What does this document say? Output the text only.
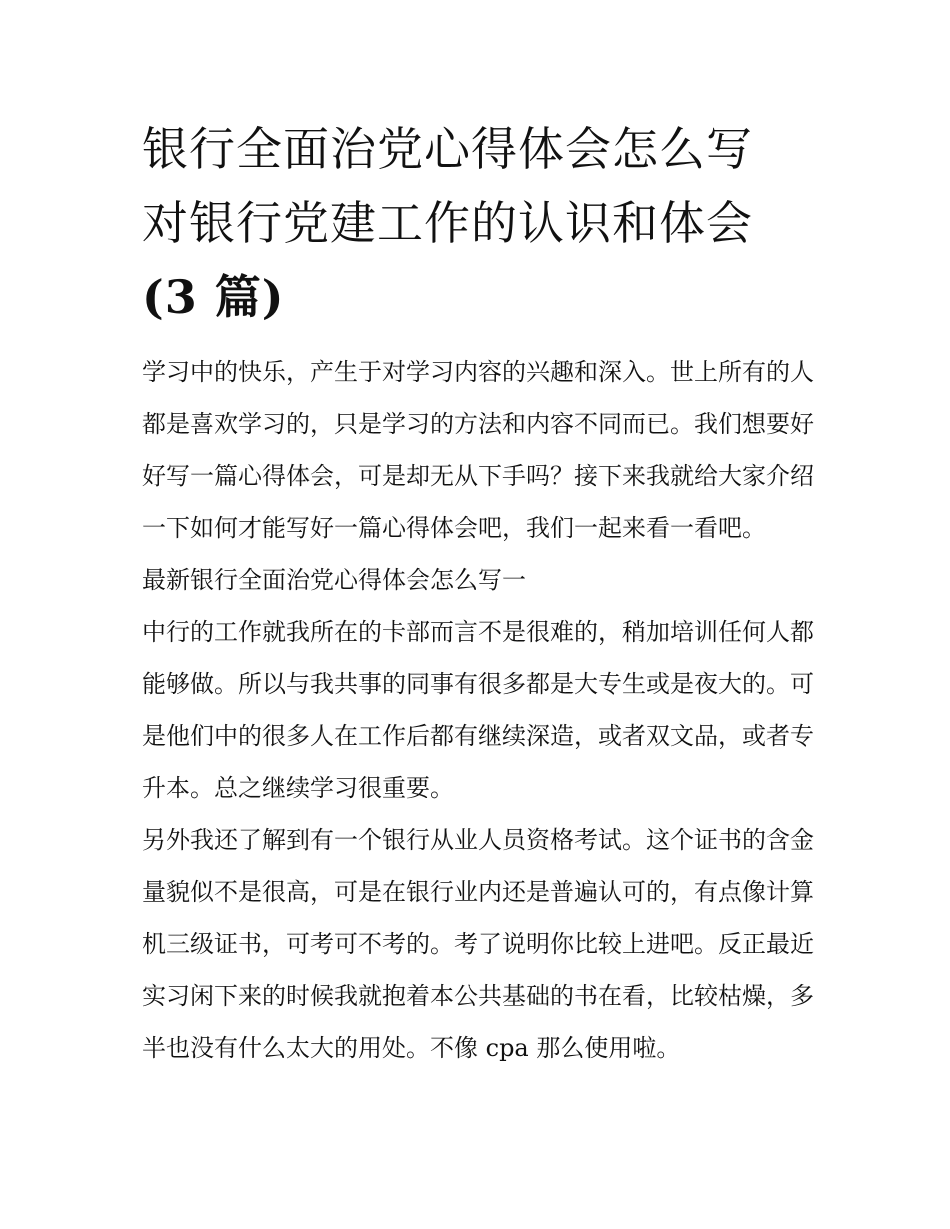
银行全面治党心得体会怎么写
对银行党建工作的认识和体会
(3 篇)

学习中的快乐，产生于对学习内容的兴趣和深入。世上所有的人都是喜欢学习的，只是学习的方法和内容不同而已。我们想要好好写一篇心得体会，可是却无从下手吗？接下来我就给大家介绍一下如何才能写好一篇心得体会吧，我们一起来看一看吧。

最新银行全面治党心得体会怎么写一

中行的工作就我所在的卡部而言不是很难的，稍加培训任何人都能够做。所以与我共事的同事有很多都是大专生或是夜大的。可是他们中的很多人在工作后都有继续深造，或者双文品，或者专升本。总之继续学习很重要。

另外我还了解到有一个银行从业人员资格考试。这个证书的含金量貌似不是很高，可是在银行业内还是普遍认可的，有点像计算机三级证书，可考可不考的。考了说明你比较上进吧。反正最近实习闲下来的时候我就抱着本公共基础的书在看，比较枯燥，多半也没有什么太大的用处。不像 cpa 那么使用啦。
